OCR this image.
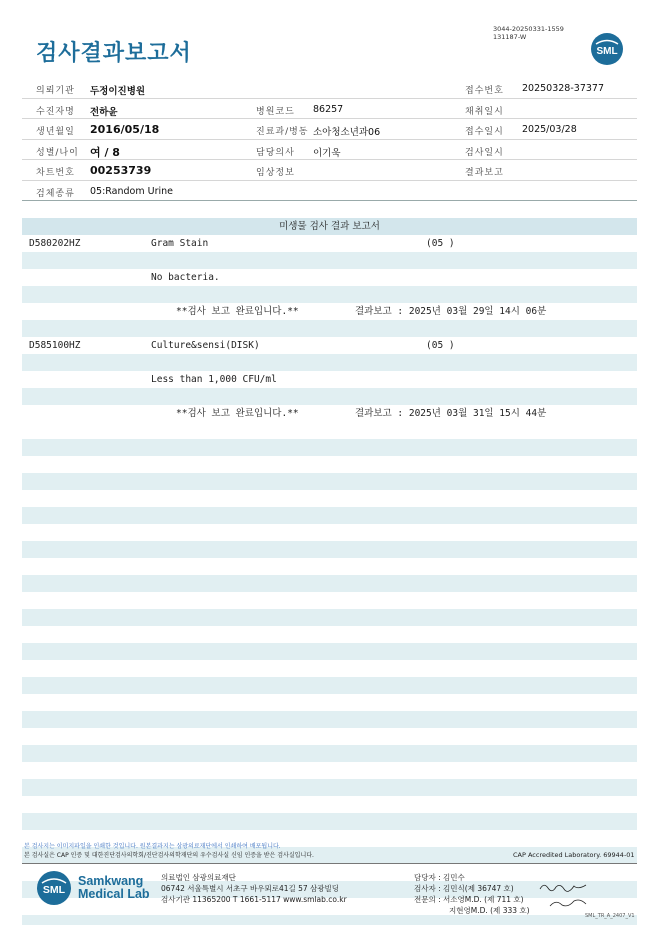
검사결과보고서
3044-20250331-1559
131187-W
SML
의뢰기관 두정이진병원	접수번호 20250328-37377
수진자명 전하윤	병원코드 86257	채취일시
생년월일 2016/05/18	진료과/병동 소아청소년과06	접수일시 2025/03/28
성별/나이 여 / 8	담당의사 이기욱	검사일시
차트번호 00253739	임상정보	결과보고
검체종류 05:Random Urine
미생물 검사 결과 보고서
D580202HZ	Gram Stain	(05 )
No bacteria.
**검사 보고 완료입니다.**	결과보고 : 2025년 03월 29일 14시 06분
D585100HZ	Culture&sensi(DISK)	(05 )
Less than 1,000 CFU/ml
**검사 보고 완료입니다.**	결과보고 : 2025년 03월 31일 15시 44분
본 검사지는 이미지파일을 인쇄한 것입니다. 원본결과지는 삼광의료재단에서 인쇄하여 배포됩니다.
본 검사실은 CAP 인증 및 대한진단검사의학회/진단검사의학재단의 우수검사실 신임 인증을 받은 검사실입니다.	CAP Accredited Laboratory. 69944-01
SML
Samkwang
Medical Lab
의료법인 삼광의료재단
06742 서울특별시 서초구 바우뫼로41길 57 삼광빌딩
검사기관 11365200 T 1661-5117 www.smlab.co.kr
담당자 : 김민수
검사자 : 김민식(제 36747 호)
전문의 : 서소영M.D. (제 711 호)
지현영M.D. (제 333 호)
SML_TR_A_2407_V1
